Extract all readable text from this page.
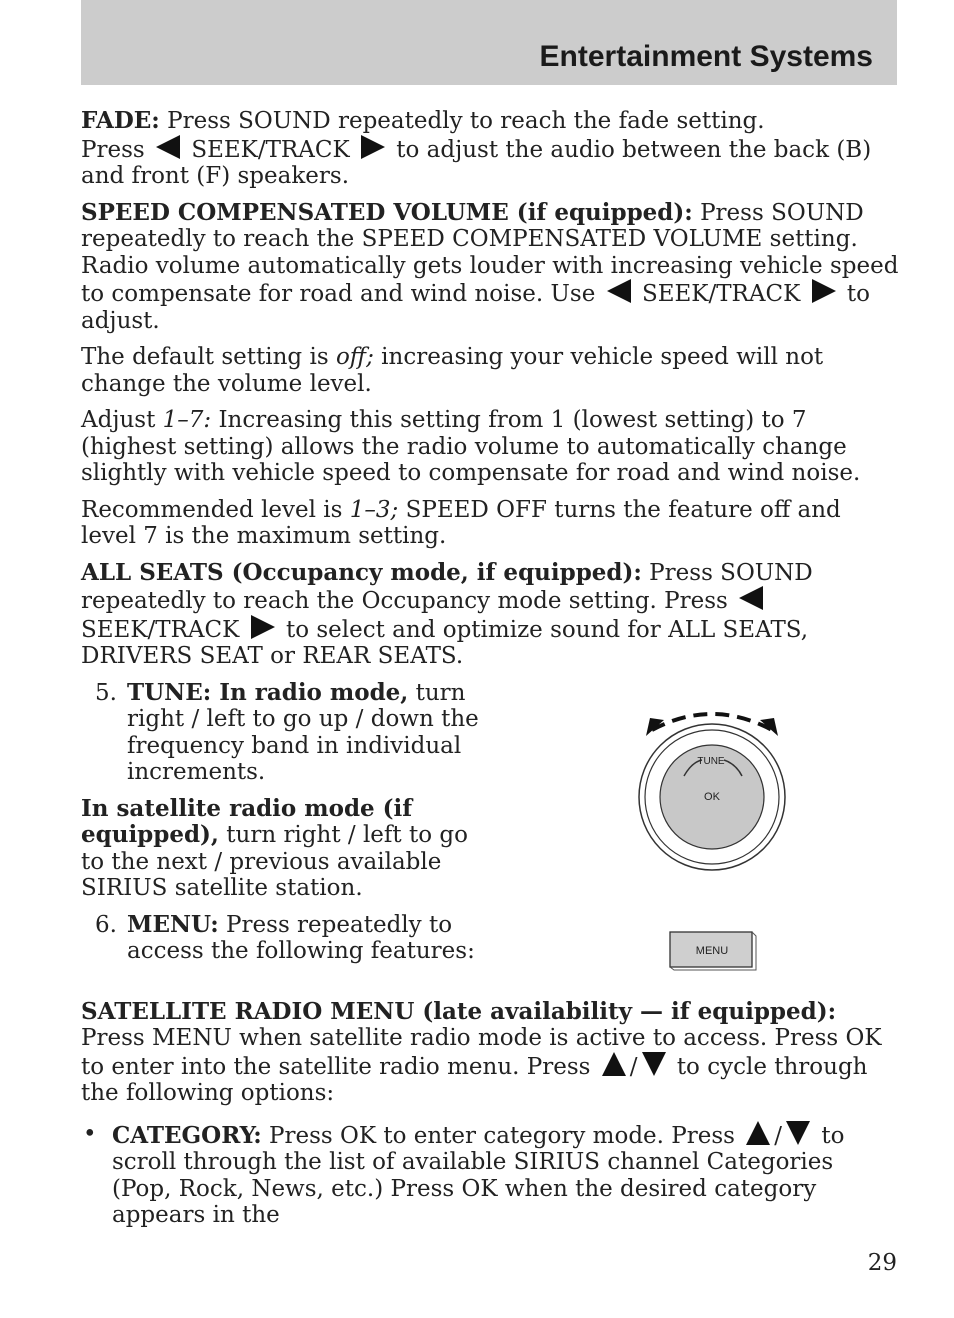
Entertainment Systems

FADE: Press SOUND repeatedly to reach the fade setting.
Press SEEK/TRACK  to adjust the audio between the back (B) and front (F) speakers.

SPEED COMPENSATED VOLUME (if equipped): Press SOUND repeatedly to reach the SPEED COMPENSATED VOLUME setting. Radio volume automatically gets louder with increasing vehicle speed to compensate for road and wind noise. Use SEEK/TRACK  to adjust.

The default setting is off; increasing your vehicle speed will not change the volume level.

Adjust 1–7: Increasing this setting from 1 (lowest setting) to 7 (highest setting) allows the radio volume to automatically change slightly with vehicle speed to compensate for road and wind noise.

Recommended level is 1–3; SPEED OFF turns the feature off and level 7 is the maximum setting.

ALL SEATS (Occupancy mode, if equipped): Press SOUND repeatedly to reach the Occupancy mode setting. Press  SEEK/TRACK  to select and optimize sound for ALL SEATS, DRIVERS SEAT or REAR SEATS.

5. TUNE: In radio mode, turn right / left to go up / down the frequency band in individual increments.

In satellite radio mode (if equipped), turn right / left to go to the next / previous available SIRIUS satellite station.

6. MENU: Press repeatedly to access the following features:

SATELLITE RADIO MENU (late availability — if equipped): Press MENU when satellite radio mode is active to access. Press OK to enter into the satellite radio menu. Press / to cycle through the following options:

• CATEGORY: Press OK to enter category mode. Press / to scroll through the list of available SIRIUS channel Categories (Pop, Rock, News, etc.) Press OK when the desired category appears in the
TUNE
OK
MENU
29
